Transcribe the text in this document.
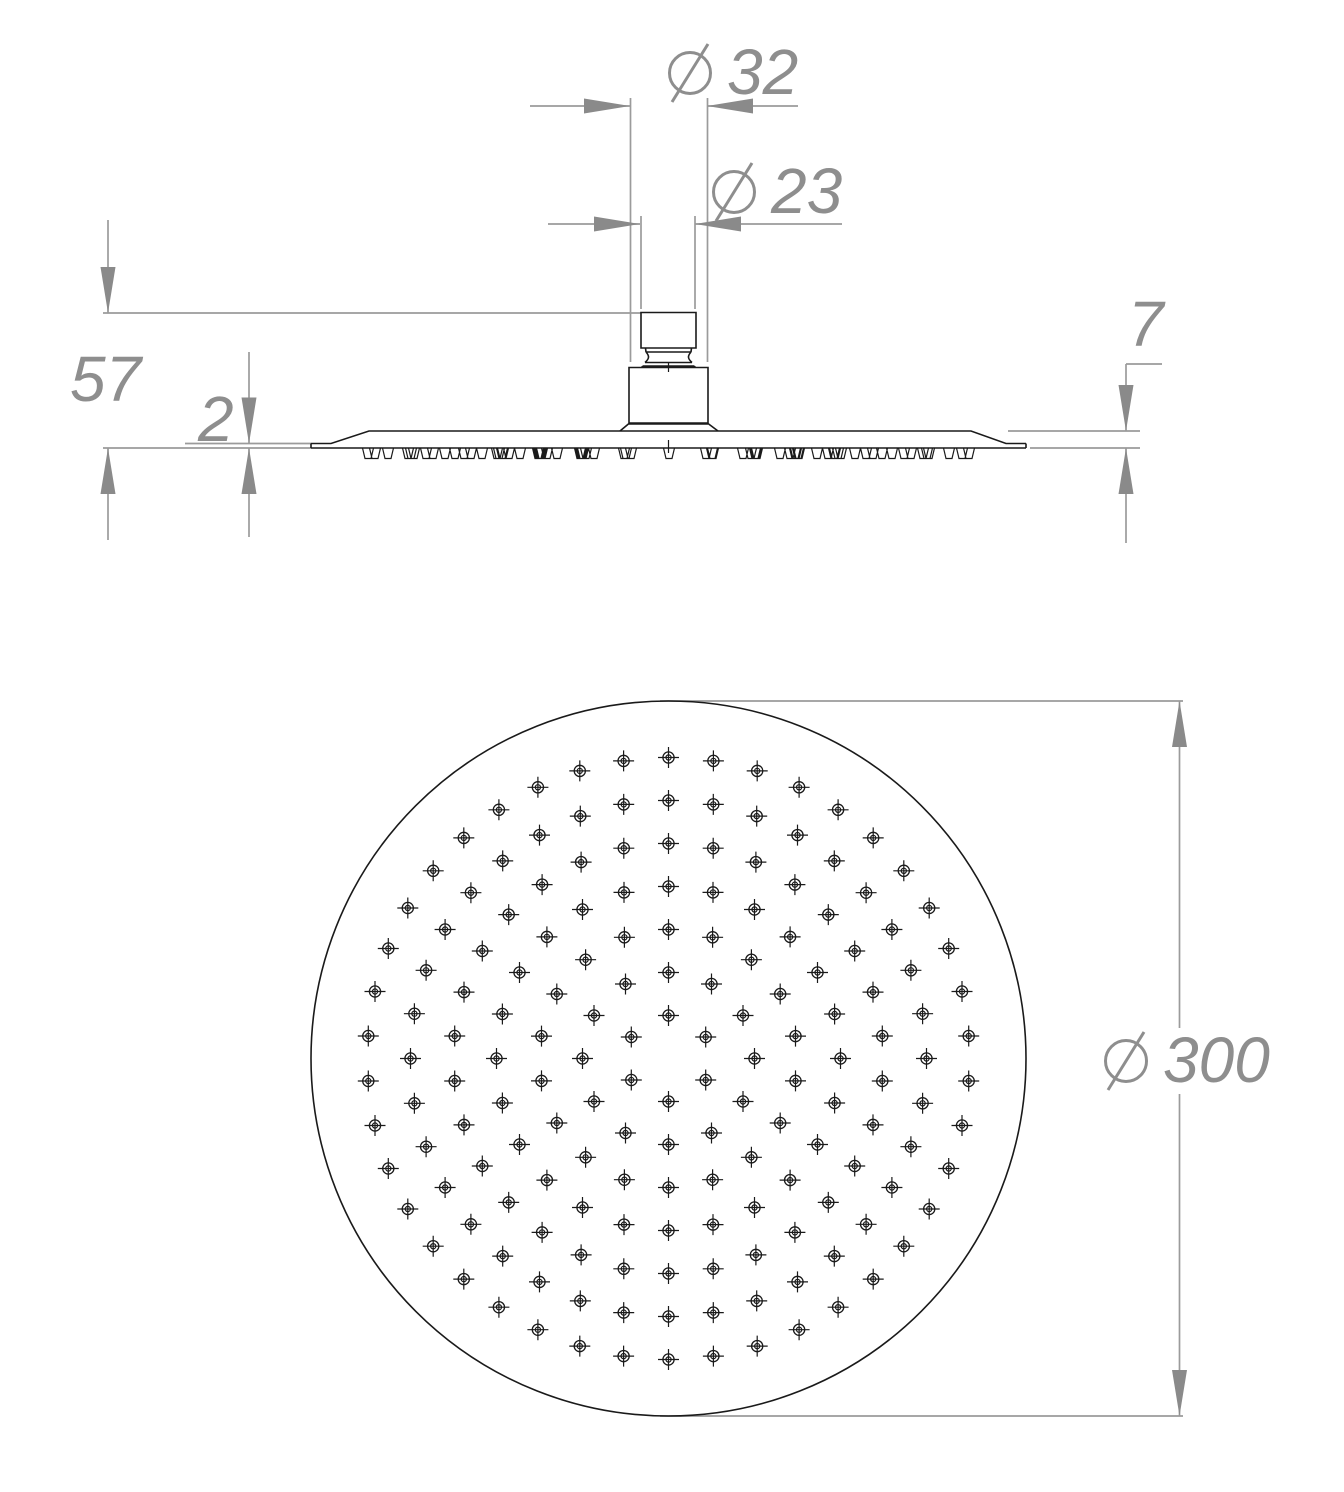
32
23
57
2
7
300
